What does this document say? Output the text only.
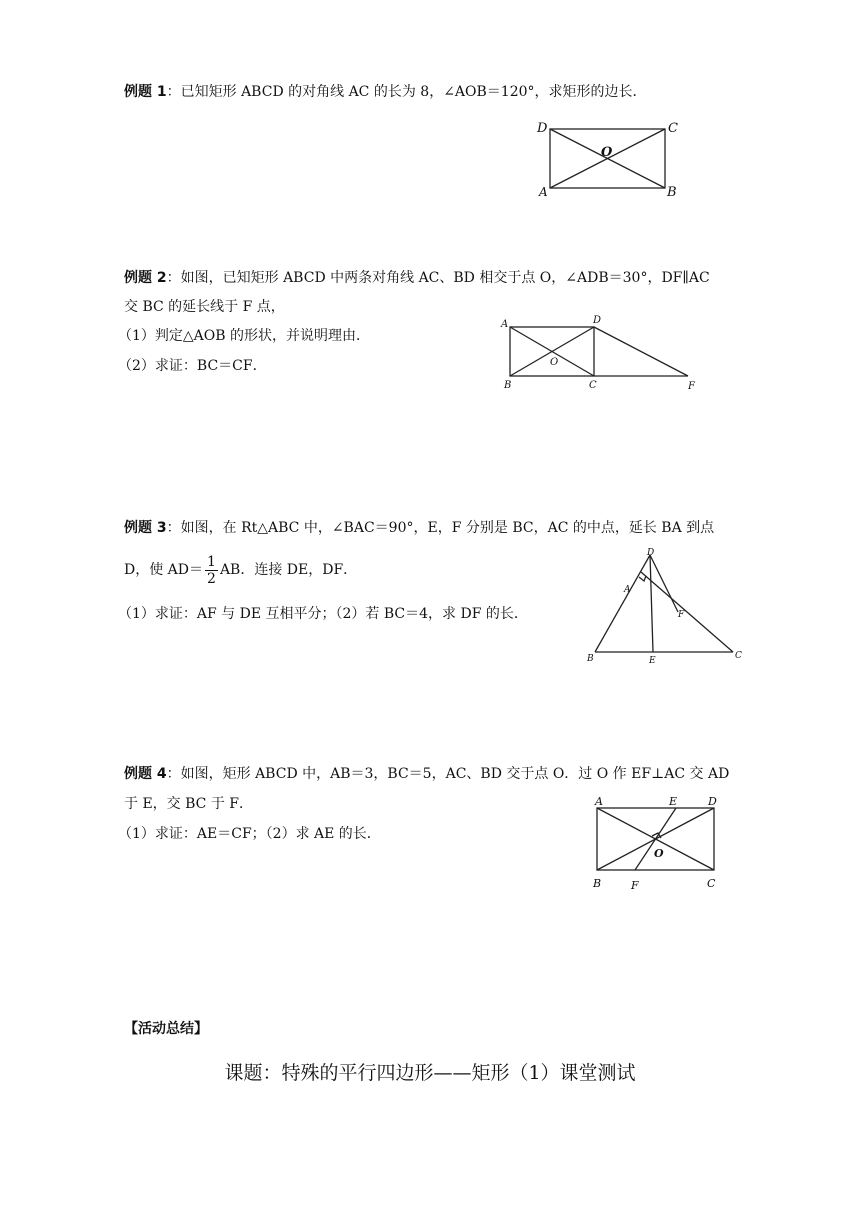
例题 1：已知矩形 ABCD 的对角线 AC 的长为 8，∠AOB＝120°，求矩形的边长．
D	C
O
A	B
例题 2：如图，已知矩形 ABCD 中两条对角线 AC、BD 相交于点 O，∠ADB＝30°，DF∥AC
交 BC 的延长线于 F 点，
（1）判定△AOB 的形状，并说明理由．
（2）求证：BC＝CF．
A	D
O
B	C	F
例题 3：如图，在 Rt△ABC 中，∠BAC＝90°，E，F 分别是 BC，AC 的中点，延长 BA 到点
D，使 $AD= \frac{1}{2}$ AB．连接 DE，DF．
（1）求证：AF 与 DE 互相平分；（2）若 BC＝4，求 DF 的长．
D
A
F
B	E	C
例题 4：如图，矩形 ABCD 中，AB＝3，BC＝5，AC、BD 交于点 O．过 O 作 EF⊥AC 交 AD
于 E，交 BC 于 F．
（1）求证：AE＝CF；（2）求 AE 的长．
A	E	D
O
B	F	C
【活动总结】
课题：特殊的平行四边形——矩形（1）课堂测试
